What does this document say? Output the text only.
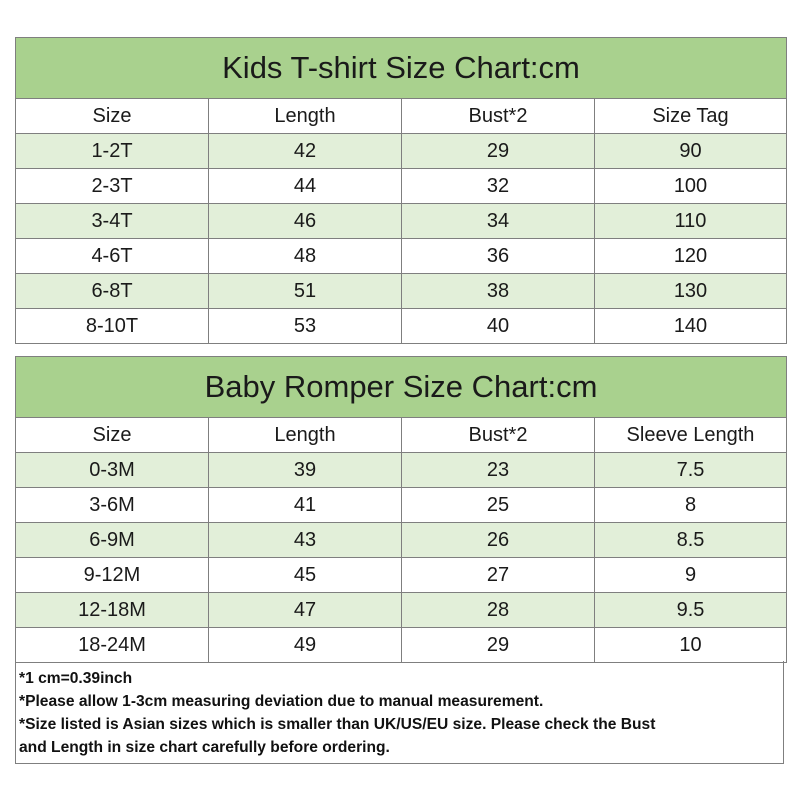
Kids T-shirt Size Chart:cm			
Size	Length	Bust*2	Size Tag
1-2T	42	29	90
2-3T	44	32	100
3-4T	46	34	110
4-6T	48	36	120
6-8T	51	38	130
8-10T	53	40	140
Baby Romper Size Chart:cm			
Size	Length	Bust*2	Sleeve Length
0-3M	39	23	7.5
3-6M	41	25	8
6-9M	43	26	8.5
9-12M	45	27	9
12-18M	47	28	9.5
18-24M	49	29	10
*1 cm=0.39inch
*Please allow 1-3cm measuring deviation due to manual measurement.
*Size listed is Asian sizes which is smaller than UK/US/EU size. Please check the Bust
and Length in size chart carefully before ordering.
